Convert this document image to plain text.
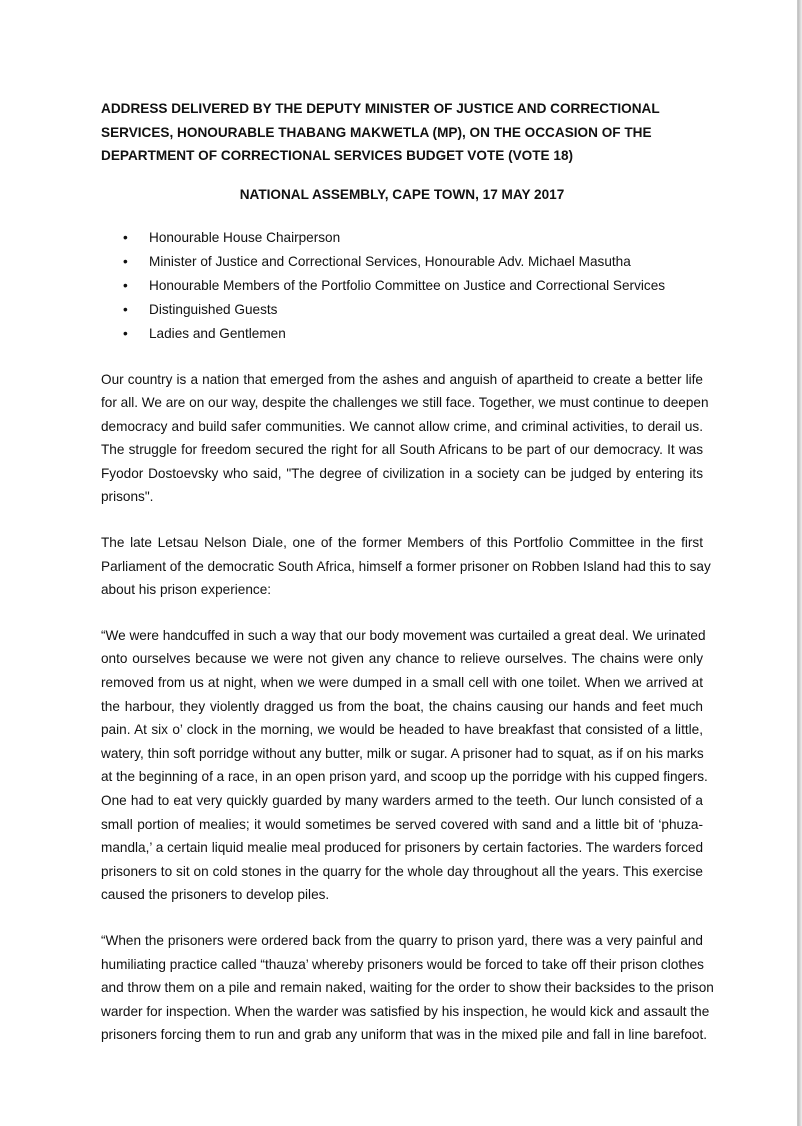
ADDRESS DELIVERED BY THE DEPUTY MINISTER OF JUSTICE AND CORRECTIONAL
SERVICES, HONOURABLE THABANG MAKWETLA (MP), ON THE OCCASION OF THE
DEPARTMENT OF CORRECTIONAL SERVICES BUDGET VOTE (VOTE 18)
NATIONAL ASSEMBLY, CAPE TOWN, 17 MAY 2017
• Honourable House Chairperson
• Minister of Justice and Correctional Services, Honourable Adv. Michael Masutha
• Honourable Members of the Portfolio Committee on Justice and Correctional Services
• Distinguished Guests
• Ladies and Gentlemen
Our country is a nation that emerged from the ashes and anguish of apartheid to create a better life
for all. We are on our way, despite the challenges we still face. Together, we must continue to deepen
democracy and build safer communities. We cannot allow crime, and criminal activities, to derail us.
The struggle for freedom secured the right for all South Africans to be part of our democracy. It was
Fyodor Dostoevsky who said, "The degree of civilization in a society can be judged by entering its
prisons".
The late Letsau Nelson Diale, one of the former Members of this Portfolio Committee in the first
Parliament of the democratic South Africa, himself a former prisoner on Robben Island had this to say
about his prison experience:
“We were handcuffed in such a way that our body movement was curtailed a great deal. We urinated
onto ourselves because we were not given any chance to relieve ourselves. The chains were only
removed from us at night, when we were dumped in a small cell with one toilet. When we arrived at
the harbour, they violently dragged us from the boat, the chains causing our hands and feet much
pain. At six o’ clock in the morning, we would be headed to have breakfast that consisted of a little,
watery, thin soft porridge without any butter, milk or sugar. A prisoner had to squat, as if on his marks
at the beginning of a race, in an open prison yard, and scoop up the porridge with his cupped fingers.
One had to eat very quickly guarded by many warders armed to the teeth. Our lunch consisted of a
small portion of mealies; it would sometimes be served covered with sand and a little bit of ‘phuza-
mandla,’ a certain liquid mealie meal produced for prisoners by certain factories. The warders forced
prisoners to sit on cold stones in the quarry for the whole day throughout all the years. This exercise
caused the prisoners to develop piles.
“When the prisoners were ordered back from the quarry to prison yard, there was a very painful and
humiliating practice called “thauza’ whereby prisoners would be forced to take off their prison clothes
and throw them on a pile and remain naked, waiting for the order to show their backsides to the prison
warder for inspection. When the warder was satisfied by his inspection, he would kick and assault the
prisoners forcing them to run and grab any uniform that was in the mixed pile and fall in line barefoot.
